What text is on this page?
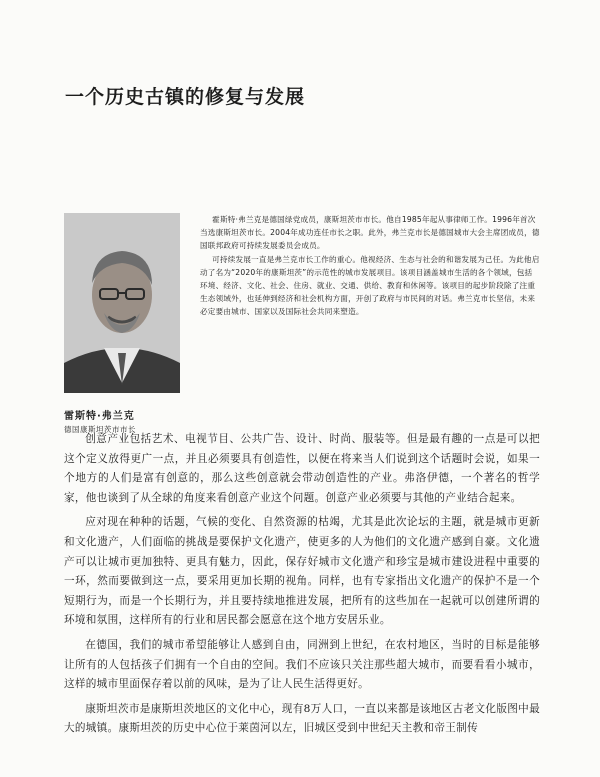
一个历史古镇的修复与发展
雷斯特·弗兰克
德国康斯坦茨市市长

霍斯特·弗兰克是德国绿党成员，康斯坦茨市市长。他自1985年起从事律师工作。1996年首次当选康斯坦茨市长。2004年成功连任市长之职。此外，弗兰克市长是德国城市大会主席团成员，德国联邦政府可持续发展委员会成员。

可持续发展一直是弗兰克市长工作的重心。他视经济、生态与社会的和谐发展为己任。为此他启动了名为“2020年的康斯坦茨”的示范性的城市发展项目。该项目涵盖城市生活的各个领域，包括环境、经济、文化、社会、住房、就业、交通、供给、教育和休闲等。该项目的起步阶段除了注重生态领域外，也延伸到经济和社会机构方面，开创了政府与市民间的对话。弗兰克市长坚信，未来必定要由城市、国家以及国际社会共同来塑造。

创意产业包括艺术、电视节目、公共广告、设计、时尚、服装等。但是最有趣的一点是可以把这个定义放得更广一点，并且必须要具有创造性，以便在将来当人们说到这个话题时会说，如果一个地方的人们是富有创意的，那么这些创意就会带动创造性的产业。弗洛伊德，一个著名的哲学家，他也谈到了从全球的角度来看创意产业这个问题。创意产业必须要与其他的产业结合起来。

应对现在种种的话题，气候的变化、自然资源的枯竭，尤其是此次论坛的主题，就是城市更新和文化遗产，人们面临的挑战是要保护文化遗产，使更多的人为他们的文化遗产感到自豪。文化遗产可以让城市更加独特、更具有魅力，因此，保存好城市文化遗产和珍宝是城市建设进程中重要的一环，然而要做到这一点，要采用更加长期的视角。同样，也有专家指出文化遗产的保护不是一个短期行为，而是一个长期行为，并且要持续地推进发展，把所有的这些加在一起就可以创建所谓的环境和氛围，这样所有的行业和居民都会愿意在这个地方安居乐业。

在德国，我们的城市希望能够让人感到自由，同洲到上世纪，在农村地区，当时的目标是能够让所有的人包括孩子们拥有一个自由的空间。我们不应该只关注那些超大城市，而要看看小城市，这样的城市里面保存着以前的风味，是为了让人民生活得更好。

康斯坦茨市是康斯坦茨地区的文化中心，现有8万人口，一直以来都是该地区古老文化版图中最大的城镇。康斯坦茨的历史中心位于莱茵河以左，旧城区受到中世纪天主教和帝王制传
